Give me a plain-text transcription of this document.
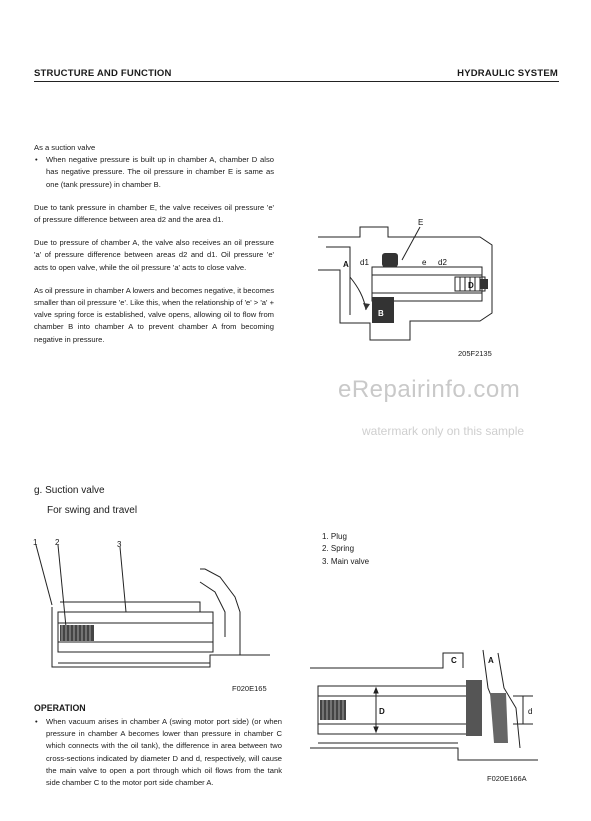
STRUCTURE AND FUNCTION	HYDRAULIC SYSTEM

As a suction valve

• When negative pressure is built up in chamber A, chamber D also has negative pressure. The oil pressure in chamber E is same as one (tank pressure) in chamber B.

Due to tank pressure in chamber E, the valve receives oil pressure 'e' of pressure difference between area d2 and the area d1.

Due to pressure of chamber A, the valve also receives an oil pressure 'a' of pressure difference between areas d2 and d1. Oil pressure 'e' acts to open valve, while the oil pressure 'a' acts to close valve.

As oil pressure in chamber A lowers and becomes negative, it becomes smaller than oil pressure 'e'. Like this, when the relationship of 'e' > 'a' + valve spring force is established, valve opens, allowing oil to flow from chamber B into chamber A to prevent chamber A from becoming negative in pressure.

E
A
B
D
d1	e d2
205F2135
eRepairinfo.com
watermark only on this sample
g. Suction valve
For swing and travel
1 2	3
F020E165
1. Plug
2. Spring
3. Main valve
OPERATION
• When vacuum arises in chamber A (swing motor port side) (or when pressure in chamber A becomes lower than pressure in chamber C which connects with the oil tank), the difference in area between two cross-sections indicated by diameter D and d, respectively, will cause the main valve to open a port through which oil flows from the tank side chamber C to the motor port side chamber A.
C	A
D	d
F020E166A
